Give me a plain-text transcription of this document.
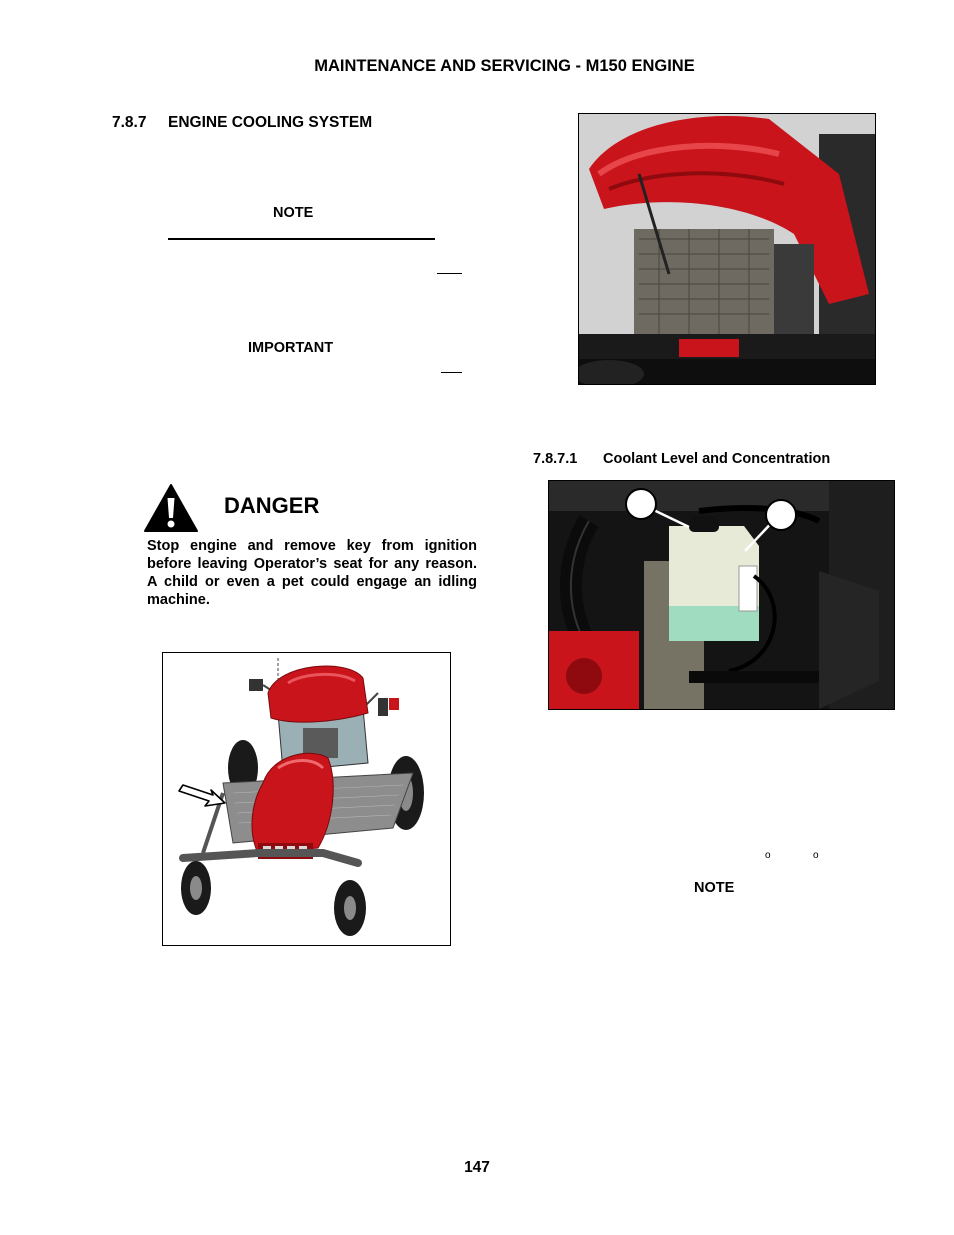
MAINTENANCE AND SERVICING - M150 ENGINE
7.8.7 ENGINE COOLING SYSTEM
NOTE
IMPORTANT
7.8.7.1 Coolant Level and Concentration
DANGER
Stop engine and remove key from ignition before leaving Operator’s seat for any reason. A child or even a pet could engage an idling machine.
o	o
NOTE
147
